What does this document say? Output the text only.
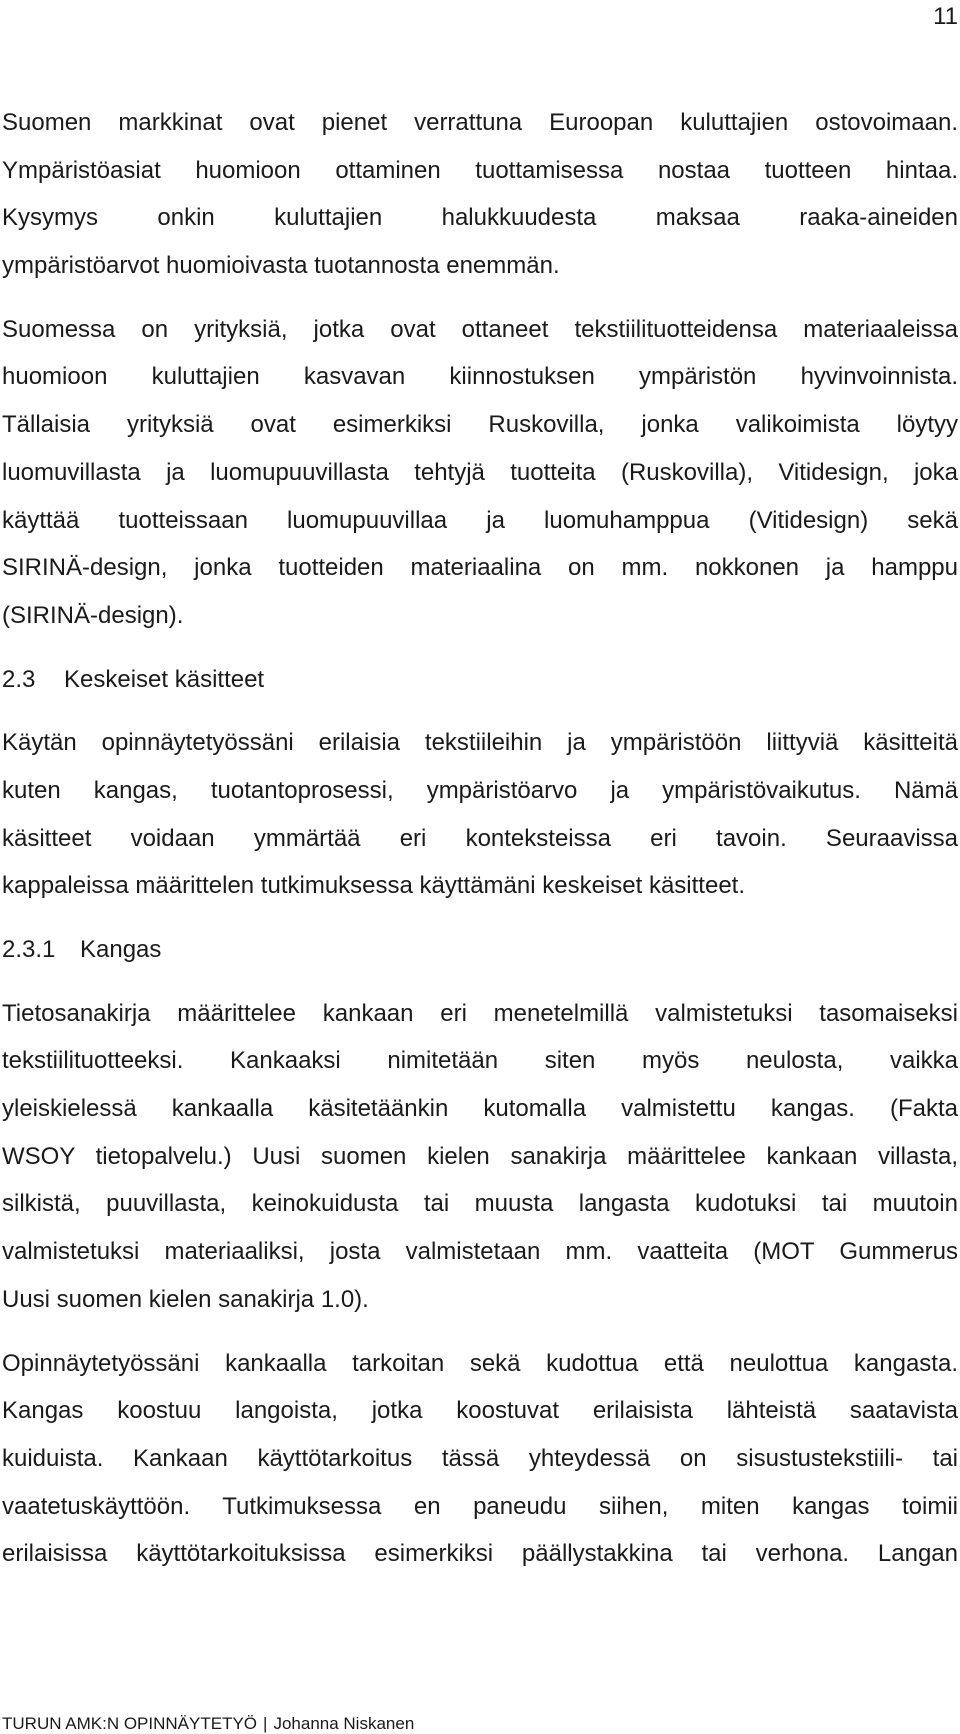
11
Suomen markkinat ovat pienet verrattuna Euroopan kuluttajien ostovoimaan.
Ympäristöasiat huomioon ottaminen tuottamisessa nostaa tuotteen hintaa.
Kysymys onkin kuluttajien halukkuudesta maksaa raaka-aineiden
ympäristöarvot huomioivasta tuotannosta enemmän.
Suomessa on yrityksiä, jotka ovat ottaneet tekstiilituotteidensa materiaaleissa
huomioon kuluttajien kasvavan kiinnostuksen ympäristön hyvinvoinnista.
Tällaisia yrityksiä ovat esimerkiksi Ruskovilla, jonka valikoimista löytyy
luomuvillasta ja luomupuuvillasta tehtyjä tuotteita (Ruskovilla), Vitidesign, joka
käyttää tuotteissaan luomupuuvillaa ja luomuhamppua (Vitidesign) sekä
SIRINÄ-design, jonka tuotteiden materiaalina on mm. nokkonen ja hamppu
(SIRINÄ-design).
2.3 Keskeiset käsitteet
Käytän opinnäytetyössäni erilaisia tekstiileihin ja ympäristöön liittyviä käsitteitä
kuten kangas, tuotantoprosessi, ympäristöarvo ja ympäristövaikutus. Nämä
käsitteet voidaan ymmärtää eri konteksteissa eri tavoin. Seuraavissa
kappaleissa määrittelen tutkimuksessa käyttämäni keskeiset käsitteet.
2.3.1 Kangas
Tietosanakirja määrittelee kankaan eri menetelmillä valmistetuksi tasomaiseksi
tekstiilituotteeksi. Kankaaksi nimitetään siten myös neulosta, vaikka
yleiskielessä kankaalla käsitetäänkin kutomalla valmistettu kangas. (Fakta
WSOY tietopalvelu.) Uusi suomen kielen sanakirja määrittelee kankaan villasta,
silkistä, puuvillasta, keinokuidusta tai muusta langasta kudotuksi tai muutoin
valmistetuksi materiaaliksi, josta valmistetaan mm. vaatteita (MOT Gummerus
Uusi suomen kielen sanakirja 1.0).
Opinnäytetyössäni kankaalla tarkoitan sekä kudottua että neulottua kangasta.
Kangas koostuu langoista, jotka koostuvat erilaisista lähteistä saatavista
kuiduista. Kankaan käyttötarkoitus tässä yhteydessä on sisustustekstiili- tai
vaatetuskäyttöön. Tutkimuksessa en paneudu siihen, miten kangas toimii
erilaisissa käyttötarkoituksissa esimerkiksi päällystakkina tai verhona. Langan
TURUN AMK:N OPINNÄYTETYÖ | Johanna Niskanen
